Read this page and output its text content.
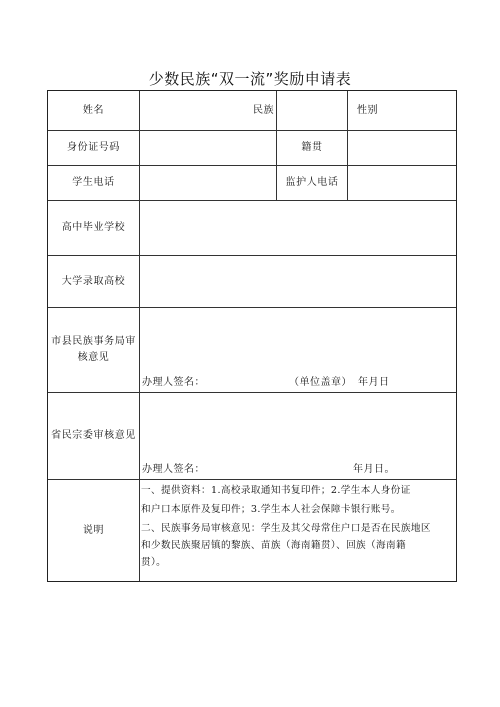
少数民族“双一流”奖励申请表
姓名	民族	性别
身份证号码	籍贯
学生电话	监护人电话
高中毕业学校
大学录取高校
市县民族事务局审
核意见
办理人签名：	（单位盖章） 年月日
省民宗委审核意见
办理人签名：	年月日。
说明

一、提供资料：1.高校录取通知书复印件；2.学生本人身份证

和户口本原件及复印件；3.学生本人社会保障卡银行账号。

二、民族事务局审核意见：学生及其父母常住户口是否在民族地区

和少数民族聚居镇的黎族、苗族（海南籍贯）、回族（海南籍

贯）。
